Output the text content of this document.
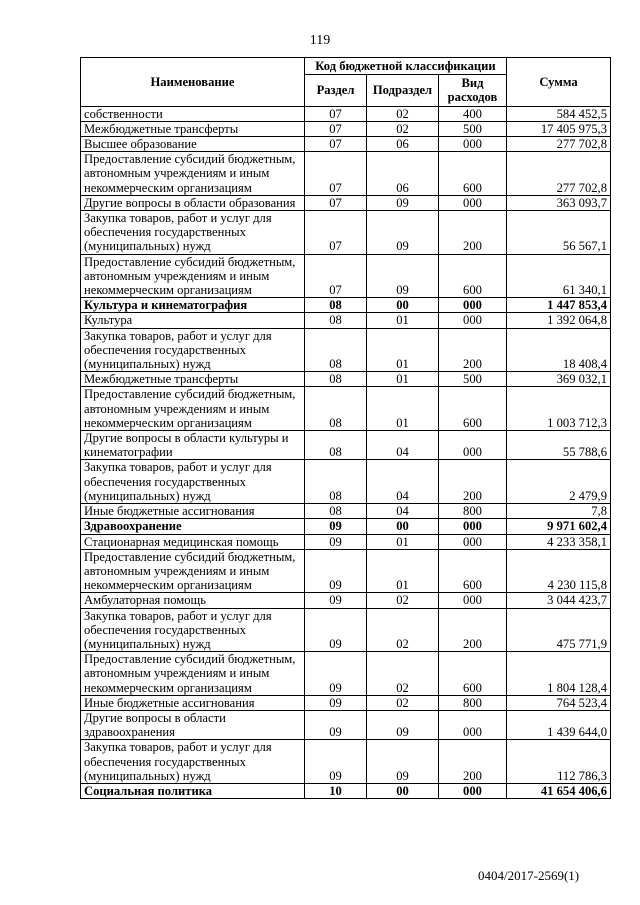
119
Наименование	Код бюджетной классификации			Сумма
	Раздел	Подраздел	Вид расходов	
собственности	07	02	400	584 452,5
Межбюджетные трансферты	07	02	500	17 405 975,3
Высшее образование	07	06	000	277 702,8
Предоставление субсидий бюджетным, автономным учреждениям и иным некоммерческим организациям	07	06	600	277 702,8
Другие вопросы в области образования	07	09	000	363 093,7
Закупка товаров, работ и услуг для обеспечения государственных (муниципальных) нужд	07	09	200	56 567,1
Предоставление субсидий бюджетным, автономным учреждениям и иным некоммерческим организациям	07	09	600	61 340,1
Культура и кинематография	08	00	000	1 447 853,4
Культура	08	01	000	1 392 064,8
Закупка товаров, работ и услуг для обеспечения государственных (муниципальных) нужд	08	01	200	18 408,4
Межбюджетные трансферты	08	01	500	369 032,1
Предоставление субсидий бюджетным, автономным учреждениям и иным некоммерческим организациям	08	01	600	1 003 712,3
Другие вопросы в области культуры и кинематографии	08	04	000	55 788,6
Закупка товаров, работ и услуг для обеспечения государственных (муниципальных) нужд	08	04	200	2 479,9
Иные бюджетные ассигнования	08	04	800	7,8
Здравоохранение	09	00	000	9 971 602,4
Стационарная медицинская помощь	09	01	000	4 233 358,1
Предоставление субсидий бюджетным, автономным учреждениям и иным некоммерческим организациям	09	01	600	4 230 115,8
Амбулаторная помощь	09	02	000	3 044 423,7
Закупка товаров, работ и услуг для обеспечения государственных (муниципальных) нужд	09	02	200	475 771,9
Предоставление субсидий бюджетным, автономным учреждениям и иным некоммерческим организациям	09	02	600	1 804 128,4
Иные бюджетные ассигнования	09	02	800	764 523,4
Другие вопросы в области здравоохранения	09	09	000	1 439 644,0
Закупка товаров, работ и услуг для обеспечения государственных (муниципальных) нужд	09	09	200	112 786,3
Социальная политика	10	00	000	41 654 406,6
0404/2017-2569(1)
